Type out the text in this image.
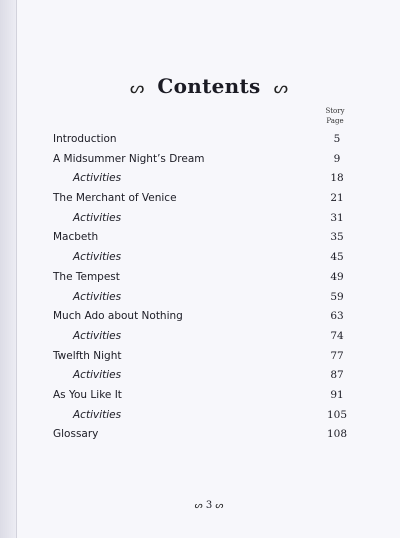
ᔕ Contents ᔕ
Story
Page
Introduction	5
A Midsummer Night’s Dream	9
Activities	18
The Merchant of Venice	21
Activities	31
Macbeth	35
Activities	45
The Tempest	49
Activities	59
Much Ado about Nothing	63
Activities	74
Twelfth Night	77
Activities	87
As You Like It	91
Activities	105
Glossary	108
ᔕ 3 ᔕ
